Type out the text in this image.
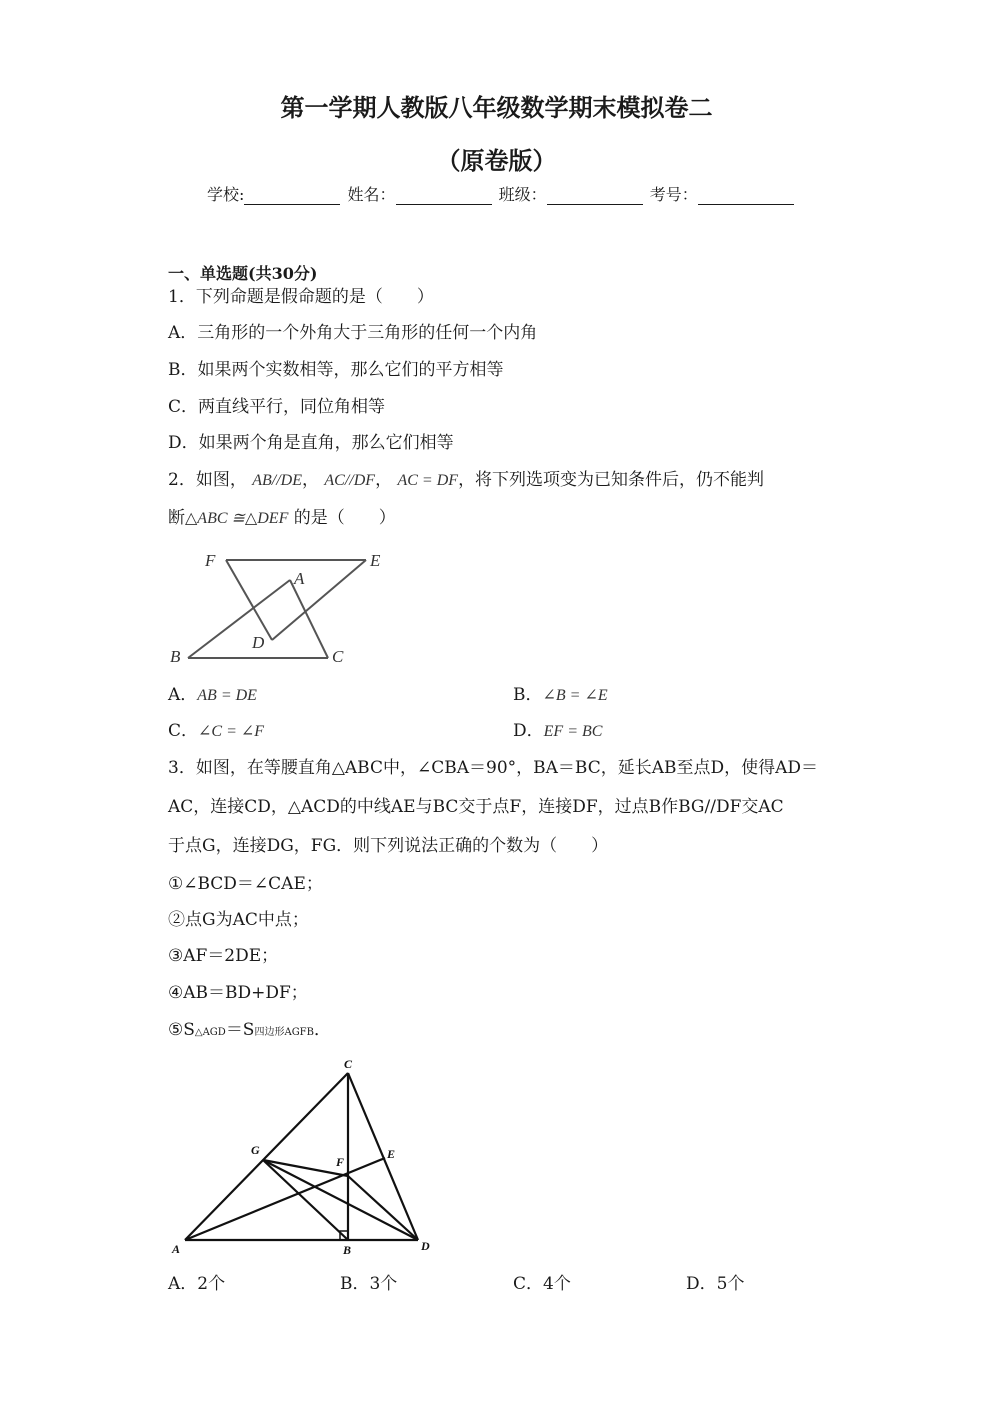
第一学期人教版八年级数学期末模拟卷二
（原卷版）
学校:	姓名：	班级：	考号：
一、单选题(共30分)
1．下列命题是假命题的是（　　）
A．三角形的一个外角大于三角形的任何一个内角
B．如果两个实数相等，那么它们的平方相等
C．两直线平行，同位角相等
D．如果两个角是直角，那么它们相等
2．如图， AB//DE， AC//DF， AC = DF，将下列选项变为已知条件后，仍不能判
断△ABC ≅△DEF 的是（　　）
F
A
E
B
D
C
A．AB = DE	B．∠B = ∠E
C．∠C = ∠F	D．EF = BC
3．如图，在等腰直角△ABC中，∠CBA＝90°，BA＝BC，延长AB至点D，使得AD＝
AC，连接CD，△ACD的中线AE与BC交于点F，连接DF，过点B作BG//DF交AC
于点G，连接DG，FG．则下列说法正确的个数为（　　）
①∠BCD＝∠CAE；
②点G为AC中点；
③AF＝2DE；
④AB＝BD+DF；
⑤S△AGD＝S四边形AGFB．
C
G
F
E
A	B	D
A．2个	B．3个	C．4个	D．5个
